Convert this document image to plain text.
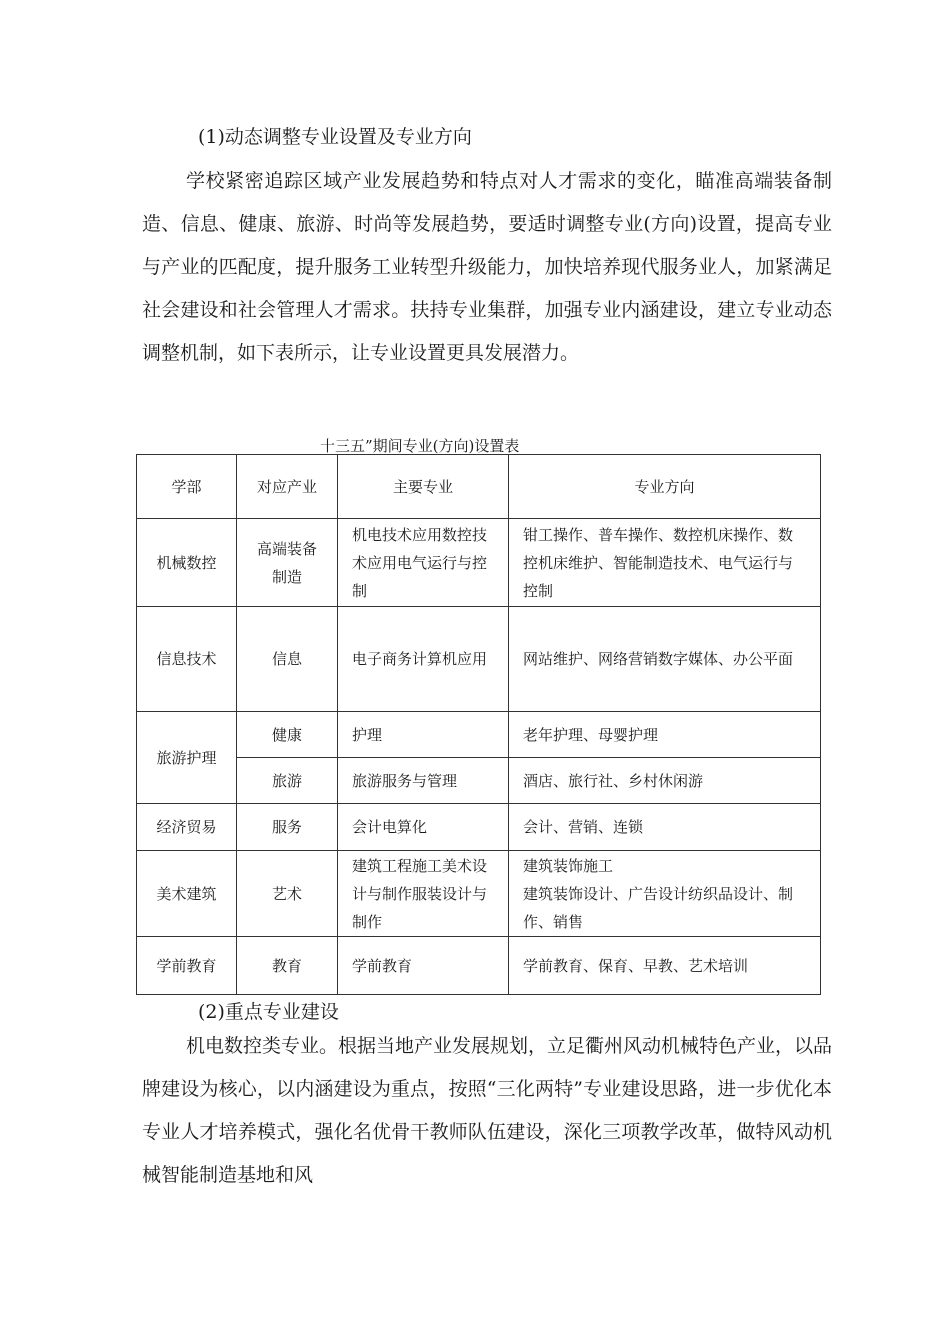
(1)动态调整专业设置及专业方向

学校紧密追踪区域产业发展趋势和特点对人才需求的变化，瞄准高端装备制造、信息、健康、旅游、时尚等发展趋势，要适时调整专业(方向)设置，提高专业与产业的匹配度，提升服务工业转型升级能力，加快培养现代服务业人，加紧满足社会建设和社会管理人才需求。扶持专业集群，加强专业内涵建设，建立专业动态调整机制，如下表所示，让专业设置更具发展潜力。

十三五”期间专业(方向)设置表
学部	对应产业	主要专业	专业方向
机械数控	高端装备制造	机电技术应用数控技术应用电气运行与控制	钳工操作、普车操作、数控机床操作、数控机床维护、智能制造技术、电气运行与控制
信息技术	信息	电子商务计算机应用	网站维护、网络营销数字媒体、办公平面
旅游护理	健康	护理	老年护理、母婴护理
	旅游	旅游服务与管理	酒店、旅行社、乡村休闲游
经济贸易	服务	会计电算化	会计、营销、连锁
美术建筑	艺术	建筑工程施工美术设计与制作服装设计与制作	建筑装饰施工
建筑装饰设计、广告设计纺织品设计、制作、销售

学前教育	教育	学前教育	学前教育、保育、早教、艺术培训
(2)重点专业建设

机电数控类专业。根据当地产业发展规划，立足衢州风动机械特色产业，以品牌建设为核心，以内涵建设为重点，按照“三化两特”专业建设思路，进一步优化本专业人才培养模式，强化名优骨干教师队伍建设，深化三项教学改革，做特风动机械智能制造基地和风
